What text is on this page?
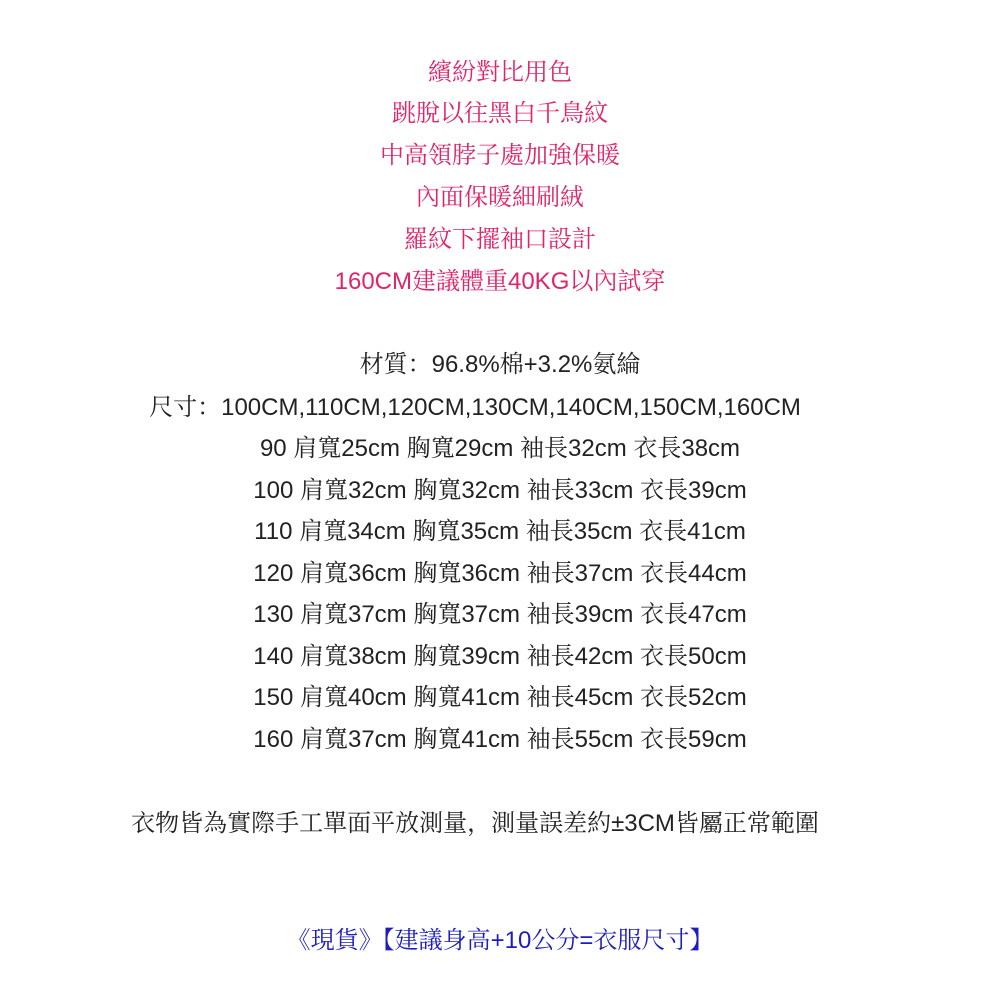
繽紛對比用色
跳脫以往黑白千鳥紋
中高領脖子處加強保暖
內面保暖細刷絨
羅紋下擺袖口設計
160CM建議體重40KG以內試穿
材質：96.8%棉+3.2%氨綸
尺寸：100CM,110CM,120CM,130CM,140CM,150CM,160CM
90 肩寬25cm 胸寬29cm 袖長32cm 衣長38cm
100 肩寬32cm 胸寬32cm 袖長33cm 衣長39cm
110 肩寬34cm 胸寬35cm 袖長35cm 衣長41cm
120 肩寬36cm 胸寬36cm 袖長37cm 衣長44cm
130 肩寬37cm 胸寬37cm 袖長39cm 衣長47cm
140 肩寬38cm 胸寬39cm 袖長42cm 衣長50cm
150 肩寬40cm 胸寬41cm 袖長45cm 衣長52cm
160 肩寬37cm 胸寬41cm 袖長55cm 衣長59cm
衣物皆為實際手工單面平放測量，測量誤差約±3CM皆屬正常範圍
《現貨》【建議身高+10公分=衣服尺寸】
